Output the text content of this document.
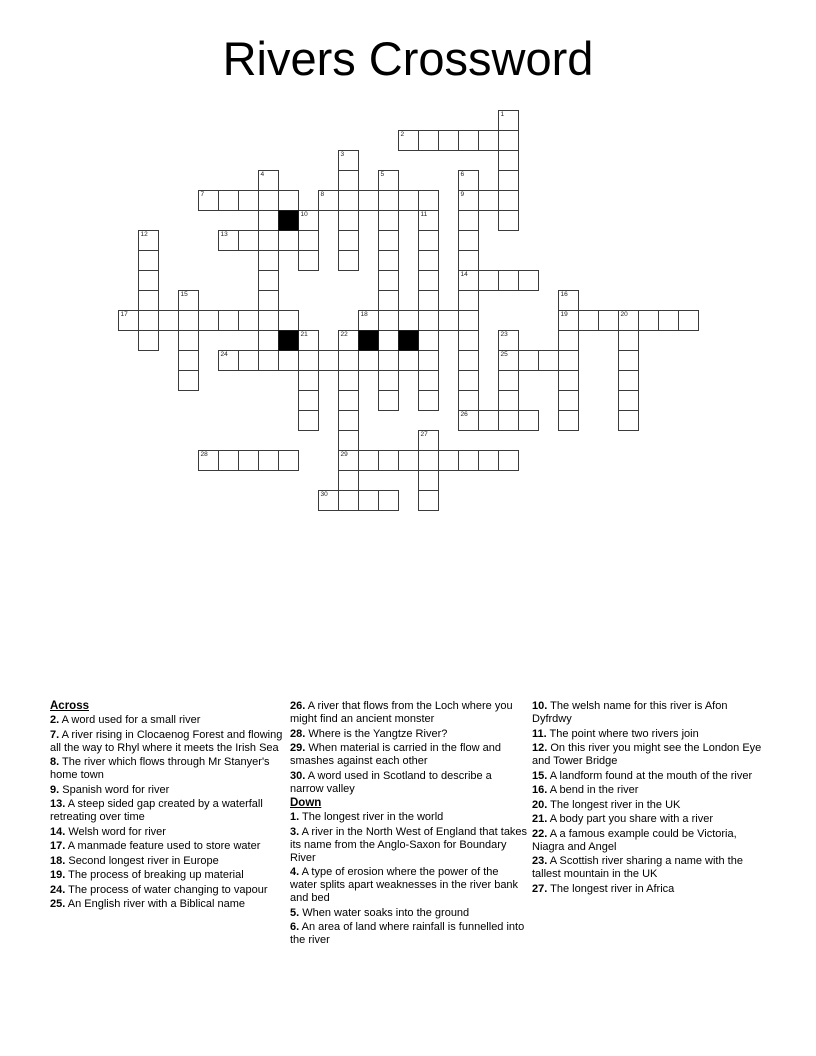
Rivers Crossword
1
2
3
4	5	6
9
14
26
7	8
10	11
12	13
15	16
19
17	18	20
21	22
29
23
25
24
27
28
30
Across
2. A word used for a small river
7. A river rising in Clocaenog Forest and flowing all the way to Rhyl where it meets the Irish Sea
8. The river which flows through Mr Stanyer's home town
9. Spanish word for river
13. A steep sided gap created by a waterfall retreating over time
14. Welsh word for river
17. A manmade feature used to store water
18. Second longest river in Europe
19. The process of breaking up material
24. The process of water changing to vapour
25. An English river with a Biblical name
26. A river that flows from the Loch where you might find an ancient monster
28. Where is the Yangtze River?
29. When material is carried in the flow and smashes against each other
30. A word used in Scotland to describe a narrow valley
Down
1. The longest river in the world
3. A river in the North West of England that takes its name from the Anglo-Saxon for Boundary River
4. A type of erosion where the power of the water splits apart weaknesses in the river bank and bed
5. When water soaks into the ground
6. An area of land where rainfall is funnelled into the river
10. The welsh name for this river is Afon Dyfrdwy
11. The point where two rivers join
12. On this river you might see the London Eye and Tower Bridge
15. A landform found at the mouth of the river
16. A bend in the river
20. The longest river in the UK
21. A body part you share with a river
22. A a famous example could be Victoria, Niagra and Angel
23. A Scottish river sharing a name with the tallest mountain in the UK
27. The longest river in Africa
